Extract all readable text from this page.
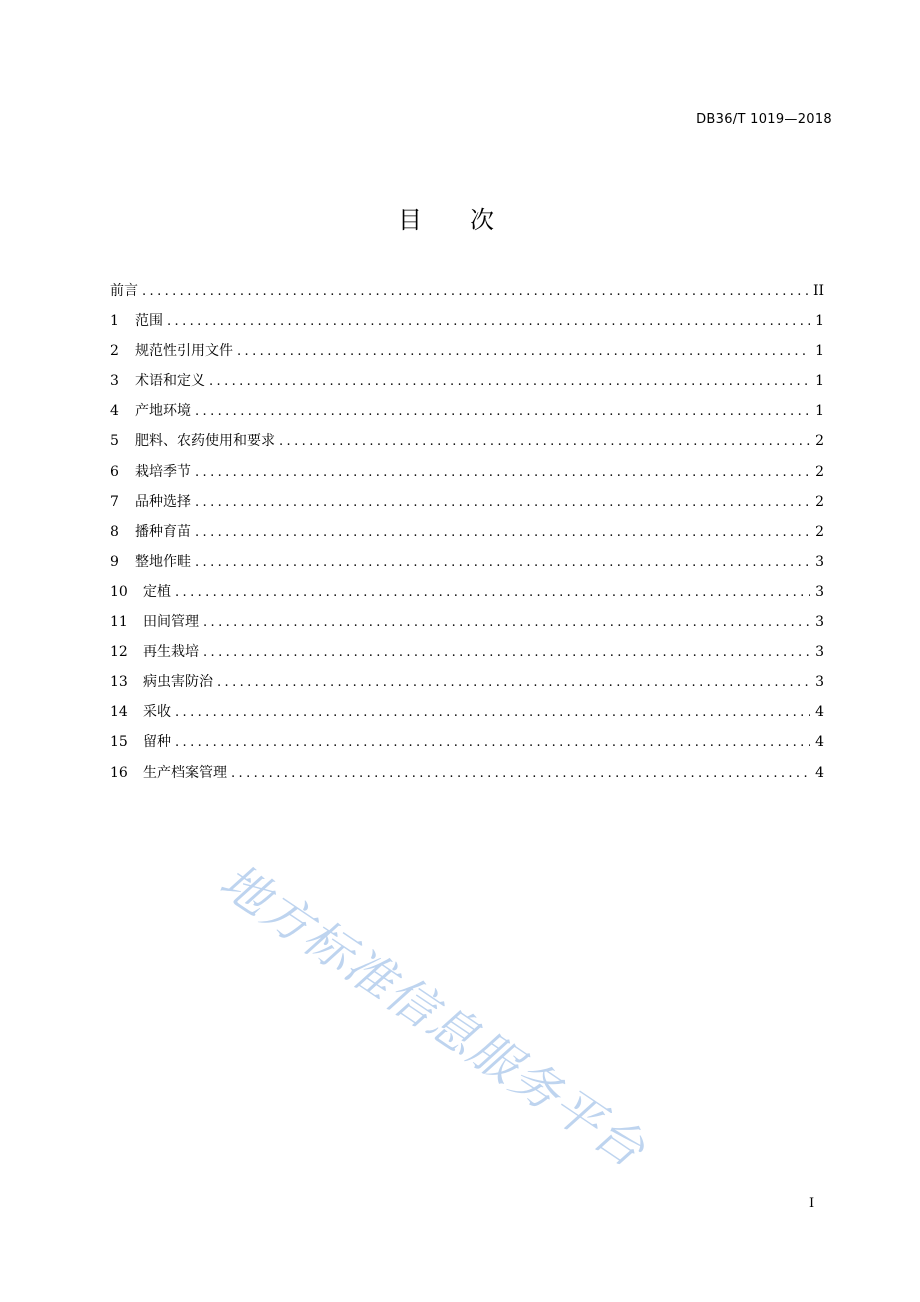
DB36/T 1019—2018
目次
前言 .....	II
1	范围 .....	1
2	规范性引用文件 .....	1
3	术语和定义 .....	1
4	产地环境 .....	1
5	肥料、农药使用和要求 .....	2
6	栽培季节 .....	2
7	品种选择 .....	2
8	播种育苗 .....	2
9	整地作畦 .....	3
10	定植 .....	3
11	田间管理 .....	3
12	再生栽培 .....	3
13	病虫害防治 .....	3
14	采收 .....	4
15	留种 .....	4
16	生产档案管理 .....	4
地方标准信息服务平台
I
